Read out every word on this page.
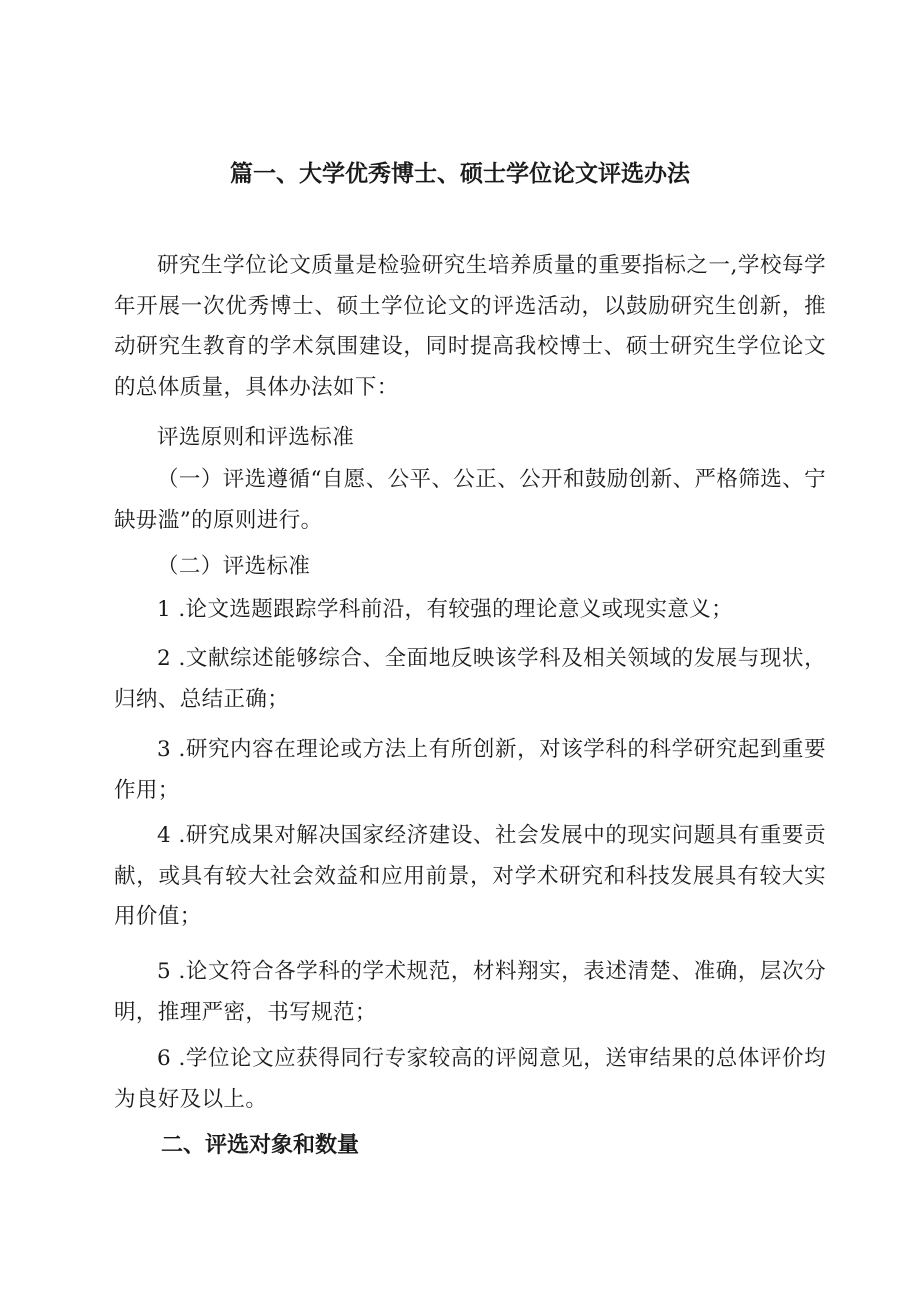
篇一、大学优秀博士、硕士学位论文评选办法

研究生学位论文质量是检验研究生培养质量的重要指标之一,学校每学年开展一次优秀博士、硕土学位论文的评选活动，以鼓励研究生创新，推动研究生教育的学术氛围建设，同时提高我校博士、硕士研究生学位论文的总体质量，具体办法如下：

评选原则和评选标准

（一）评选遵循“自愿、公平、公正、公开和鼓励创新、严格筛选、宁缺毋滥”的原则进行。

（二）评选标准

1 .论文选题跟踪学科前沿，有较强的理论意义或现实意义；

2 .文献综述能够综合、全面地反映该学科及相关领域的发展与现状，归纳、总结正确；

3 .研究内容在理论或方法上有所创新，对该学科的科学研究起到重要作用；

4 .研究成果对解决国家经济建设、社会发展中的现实问题具有重要贡献，或具有较大社会效益和应用前景，对学术研究和科技发展具有较大实用价值；

5 .论文符合各学科的学术规范，材料翔实，表述清楚、准确，层次分明，推理严密，书写规范；

6 .学位论文应获得同行专家较高的评阅意见，送审结果的总体评价均为良好及以上。

二、评选对象和数量
